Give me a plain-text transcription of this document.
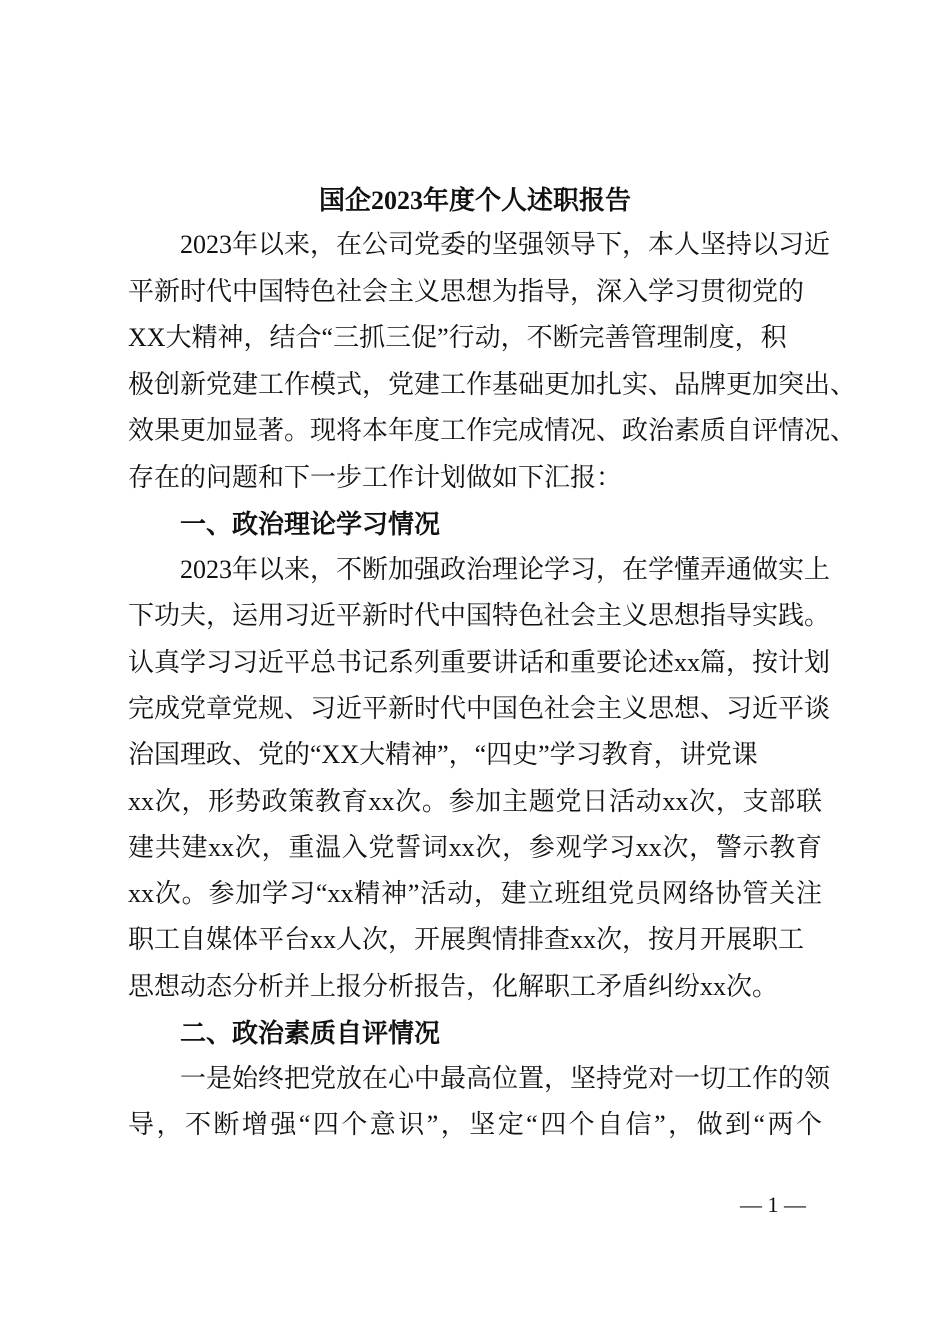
国企2023年度个人述职报告
2023年以来，在公司党委的坚强领导下，本人坚持以习近
平新时代中国特色社会主义思想为指导，深入学习贯彻党的
XX大精神，结合“三抓三促”行动，不断完善管理制度，积
极创新党建工作模式，党建工作基础更加扎实、品牌更加突出、
效果更加显著。现将本年度工作完成情况、政治素质自评情况、
存在的问题和下一步工作计划做如下汇报：
一、政治理论学习情况
2023年以来，不断加强政治理论学习，在学懂弄通做实上
下功夫，运用习近平新时代中国特色社会主义思想指导实践。
认真学习习近平总书记系列重要讲话和重要论述xx篇，按计划
完成党章党规、习近平新时代中国色社会主义思想、习近平谈
治国理政、党的“XX大精神”，“四史”学习教育，讲党课
xx次，形势政策教育xx次。参加主题党日活动xx次，支部联
建共建xx次，重温入党誓词xx次，参观学习xx次，警示教育
xx次。参加学习“xx精神”活动，建立班组党员网络协管关注
职工自媒体平台xx人次，开展舆情排查xx次，按月开展职工
思想动态分析并上报分析报告，化解职工矛盾纠纷xx次。
二、政治素质自评情况
一是始终把党放在心中最高位置，坚持党对一切工作的领
导，不断增强“四个意识”，坚定“四个自信”，做到“两个
— 1 —
